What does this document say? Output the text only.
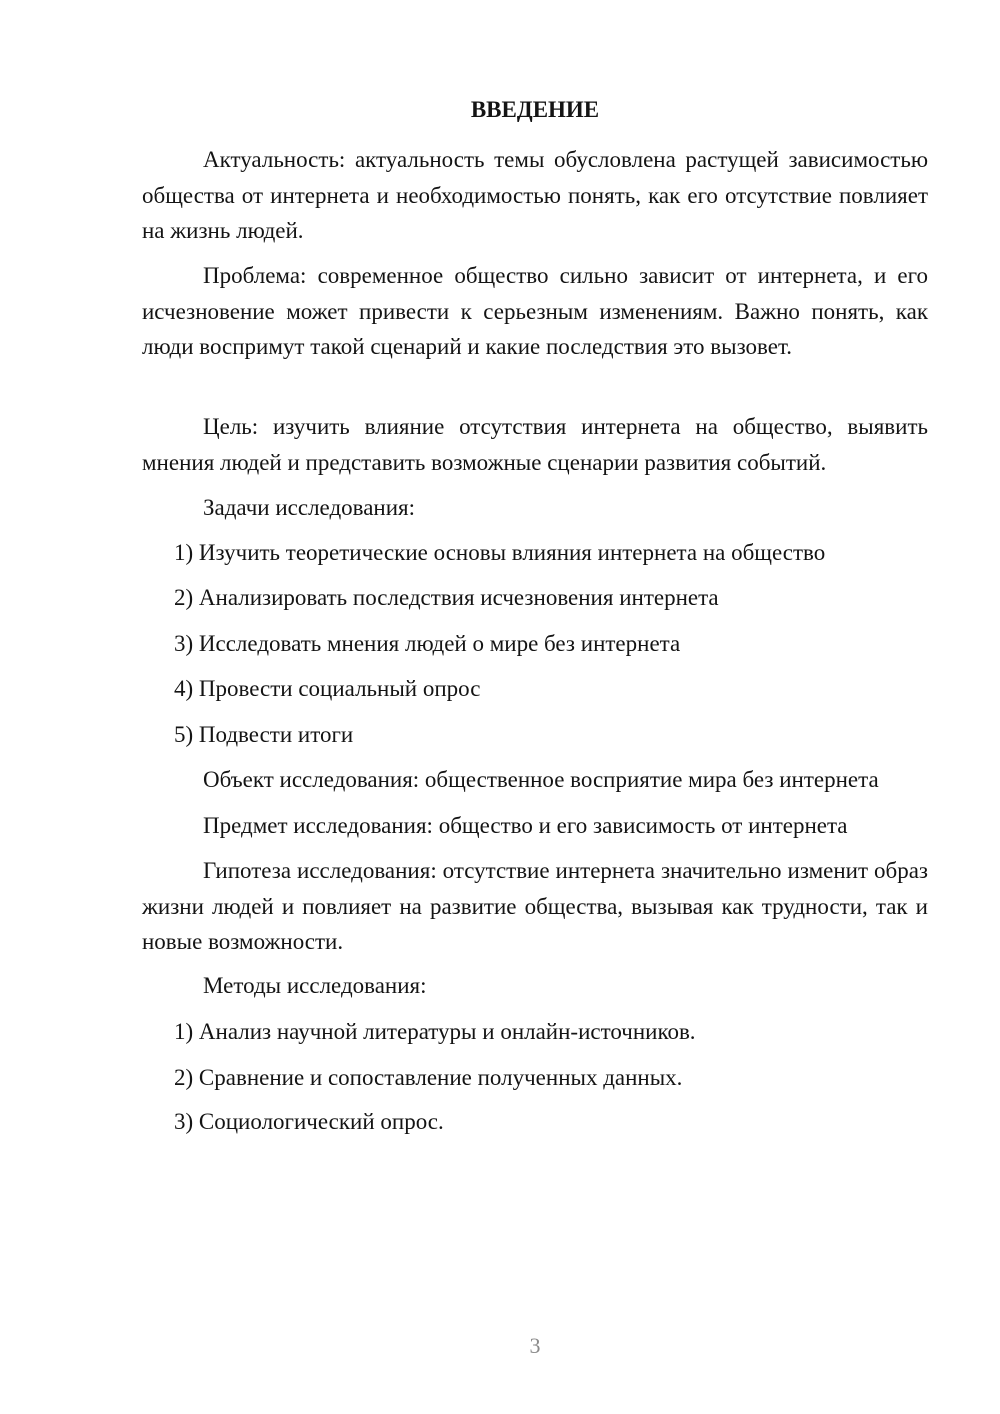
ВВЕДЕНИЕ

Актуальность: актуальность темы обусловлена растущей зависимостью общества от интернета и необходимостью понять, как его отсутствие повлияет на жизнь людей.

Проблема: современное общество сильно зависит от интернета, и его исчезновение может привести к серьезным изменениям. Важно понять, как люди воспримут такой сценарий и какие последствия это вызовет.

Цель: изучить влияние отсутствия интернета на общество, выявить мнения людей и представить возможные сценарии развития событий.

Задачи исследования:

1) Изучить теоретические основы влияния интернета на общество

2) Анализировать последствия исчезновения интернета

3) Исследовать мнения людей о мире без интернета

4) Провести социальный опрос

5) Подвести итоги

Объект исследования: общественное восприятие мира без интернета

Предмет исследования: общество и его зависимость от интернета

Гипотеза исследования: отсутствие интернета значительно изменит образ жизни людей и повлияет на развитие общества, вызывая как трудности, так и новые возможности.

Методы исследования:

1) Анализ научной литературы и онлайн-источников.

2) Сравнение и сопоставление полученных данных.

3) Социологический опрос.

3
